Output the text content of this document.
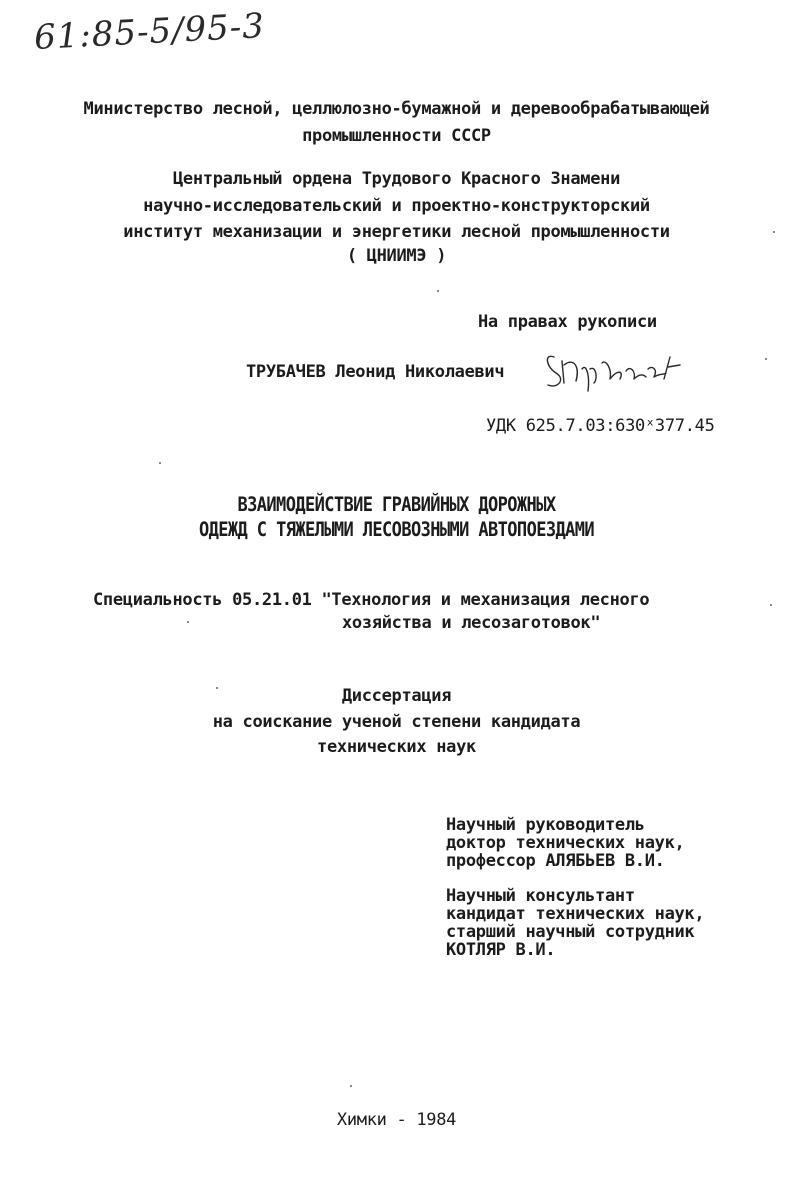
61:85-5/95-3
Министерство лесной, целлюлозно-бумажной и деревообрабатывающей
промышленности СССР
Центральный ордена Трудового Красного Знамени
научно-исследовательский и проектно-конструкторский
институт механизации и энергетики лесной промышленности
( ЦНИИМЭ )
На правах рукописи
ТРУБАЧЕВ Леонид Николаевич
УДК 625.7.03:630ˣ377.45
ВЗАИМОДЕЙСТВИЕ ГРАВИЙНЫХ ДОРОЖНЫХ
ОДЕЖД С ТЯЖЕЛЫМИ ЛЕСОВОЗНЫМИ АВТОПОЕЗДАМИ
Специальность 05.21.01 "Технология и механизация лесного
хозяйства и лесозаготовок"
Диссертация
на соискание ученой степени кандидата
технических наук
Научный руководитель
доктор технических наук,
профессор АЛЯБЬЕВ В.И.
Научный консультант
кандидат технических наук,
старший научный сотрудник
КОТЛЯР В.И.
Химки - 1984
